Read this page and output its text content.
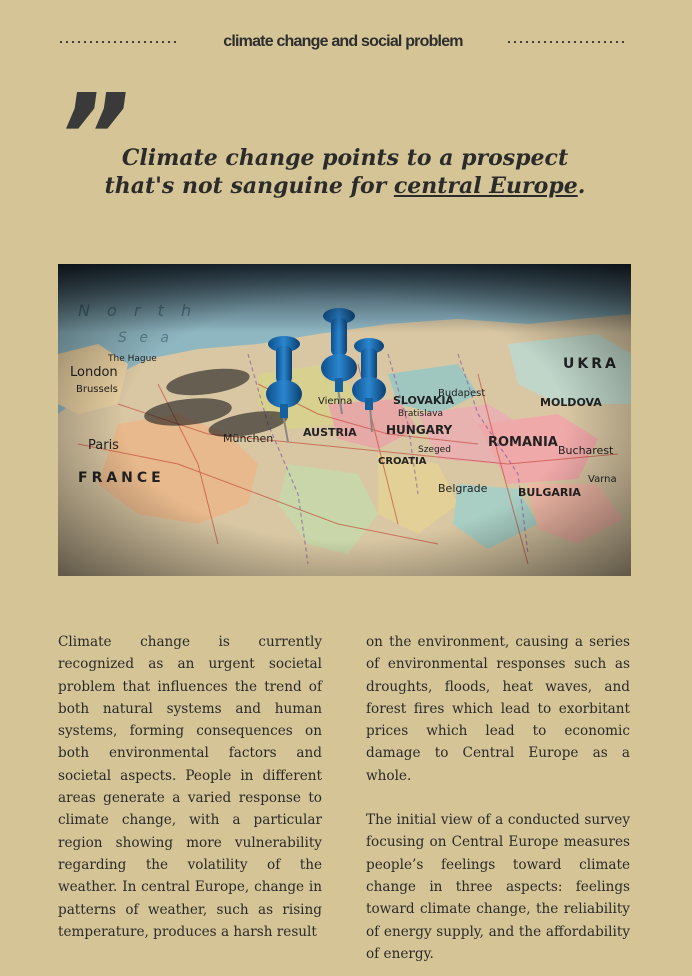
climate change and social problem
”
Climate change points to a prospect that's not sanguine for central Europe.

Climate change is currently recognized as an urgent societal problem that influences the trend of both natural systems and human systems, forming consequences on both environmental factors and societal aspects. People in different areas generate a varied response to climate change, with a particular region showing more vulnerability regarding the volatility of the weather. In central Europe, change in patterns of weather, such as rising temperature, produces a harsh result

on the environment, causing a series of environmental responses such as droughts, floods, heat waves, and forest fires which lead to exorbitant prices which lead to economic damage to Central Europe as a whole.

The initial view of a conducted survey focusing on Central Europe measures people’s feelings toward climate change in three aspects: feelings toward climate change, the reliability of energy supply, and the affordability of energy.
